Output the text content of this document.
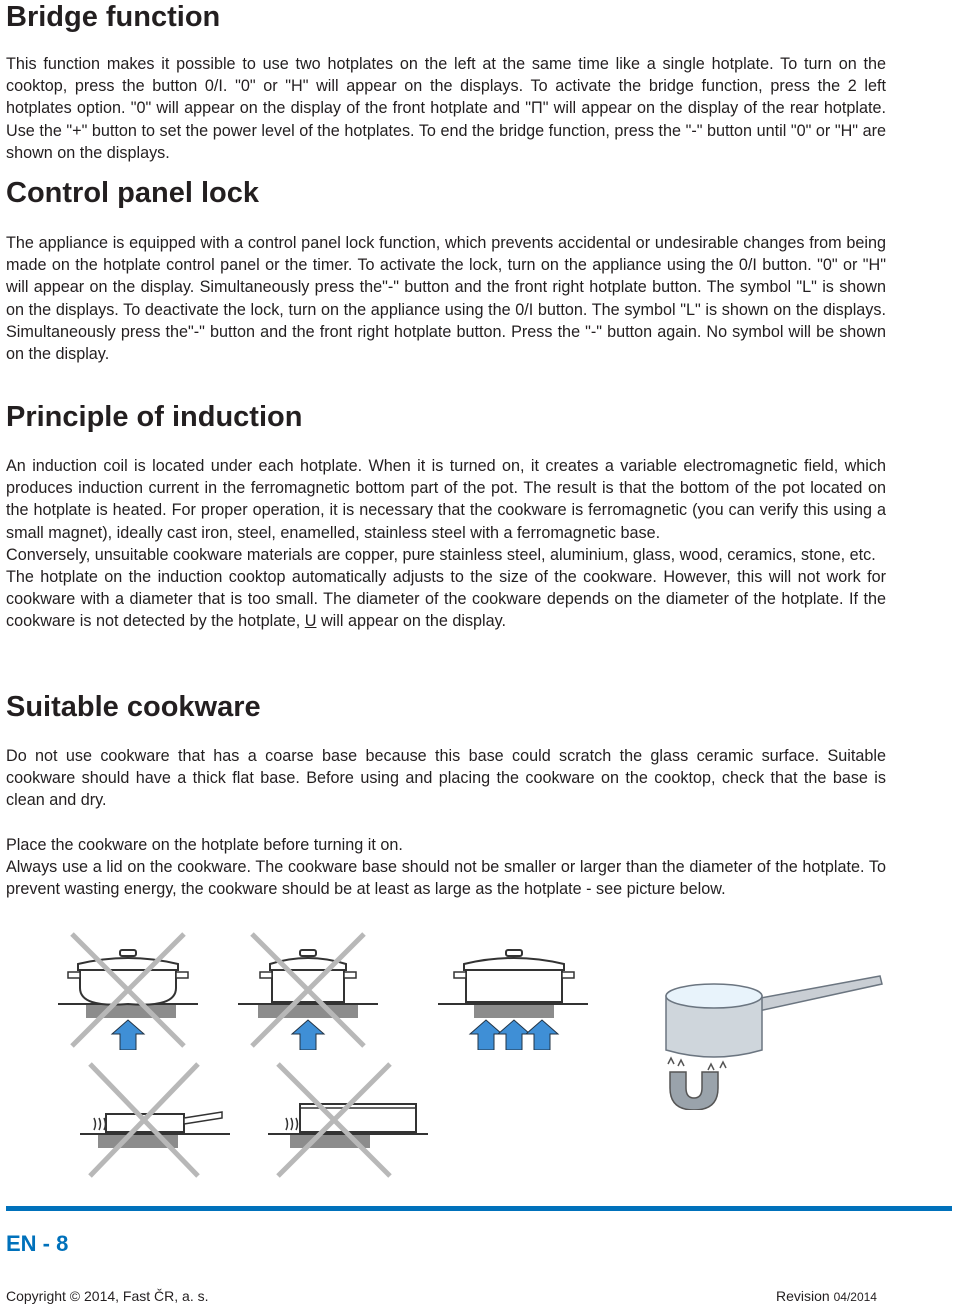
Bridge function

This function makes it possible to use two hotplates on the left at the same time like a single hotplate. To turn on the cooktop, press the button 0/I. "0" or "H" will appear on the displays. To activate the bridge function, press the 2 left hotplates option. "0" will appear on the display of the front hotplate and "Π" will appear on the display of the rear hotplate. Use the "+" button to set the power level of the hotplates. To end the bridge function, press the "-" button until "0" or "H" are shown on the displays.

Control panel lock

The appliance is equipped with a control panel lock function, which prevents accidental or undesirable changes from being made on the hotplate control panel or the timer. To activate the lock, turn on the appliance using the 0/I button. "0" or "H" will appear on the display. Simultaneously press the"-" button and the front right hotplate button. The symbol "L" is shown on the displays. To deactivate the lock, turn on the appliance using the 0/I button. The symbol "L" is shown on the displays. Simultaneously press the"-" button and the front right hotplate button. Press the "-" button again. No symbol will be shown on the display.

Principle of induction

An induction coil is located under each hotplate. When it is turned on, it creates a variable electromagnetic field, which produces induction current in the ferromagnetic bottom part of the pot. The result is that the bottom of the pot located on the hotplate is heated. For proper operation, it is necessary that the cookware is ferromagnetic (you can verify this using a small magnet), ideally cast iron, steel, enamelled, stainless steel with a ferromagnetic base.

Conversely, unsuitable cookware materials are copper, pure stainless steel, aluminium, glass, wood, ceramics, stone, etc.

The hotplate on the induction cooktop automatically adjusts to the size of the cookware. However, this will not work for cookware with a diameter that is too small. The diameter of the cookware depends on the diameter of the hotplate. If the cookware is not detected by the hotplate, U will appear on the display.

Suitable cookware

Do not use cookware that has a coarse base because this base could scratch the glass ceramic surface. Suitable cookware should have a thick flat base. Before using and placing the cookware on the cooktop, check that the base is clean and dry.

Place the cookware on the hotplate before turning it on.

Always use a lid on the cookware. The cookware base should not be smaller or larger than the diameter of the hotplate. To prevent wasting energy, the cookware should be at least as large as the hotplate - see picture below.

EN - 8
Copyright © 2014, Fast ČR, a. s.	Revision 04/2014
